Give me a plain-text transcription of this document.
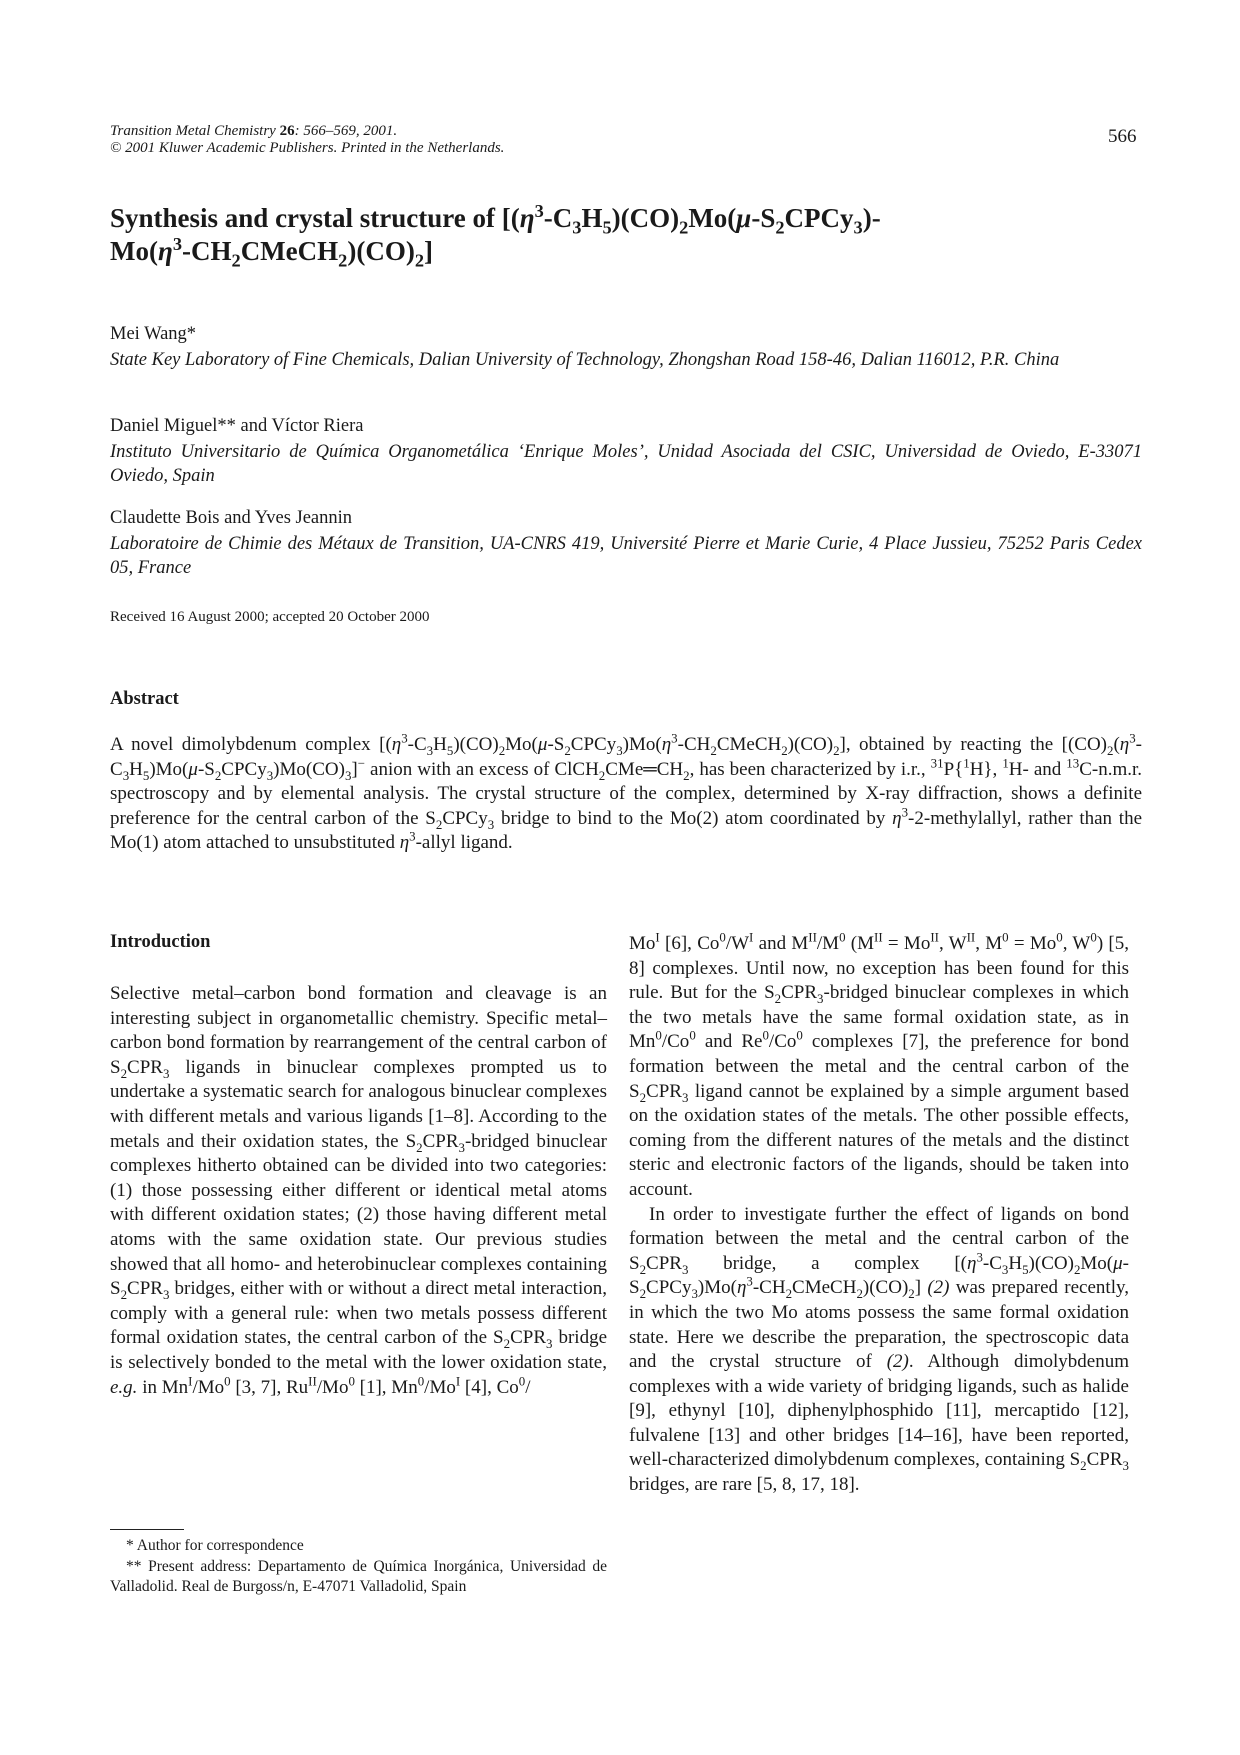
Transition Metal Chemistry 26: 566–569, 2001.
© 2001 Kluwer Academic Publishers. Printed in the Netherlands.
566
Synthesis and crystal structure of [$(\eta^3-C_3H_5)(CO)_2Mo(\mu-S_2CPCy_3)-$
$Mo(\eta^3-CH_2CMeCH_2)(CO)_2$]
Mei Wang*
State Key Laboratory of Fine Chemicals, Dalian University of Technology, Zhongshan Road 158-46, Dalian 116012, P.R. China
Daniel Miguel** and Víctor Riera
Instituto Universitario de Química Organometálica ‘Enrique Moles’, Unidad Asociada del CSIC, Universidad de Oviedo, E-33071 Oviedo, Spain
Claudette Bois and Yves Jeannin
Laboratoire de Chimie des Métaux de Transition, UA-CNRS 419, Université Pierre et Marie Curie, 4 Place Jussieu, 75252 Paris Cedex 05, France
Received 16 August 2000; accepted 20 October 2000
Abstract

A novel dimolybdenum complex $[(\eta^3-C_3H_5)(CO)_2Mo(\mu-S_2CPCy_3)Mo(\eta^3-CH_2CMeCH_2)(CO)_2]$, obtained by reacting the $[(CO)_2(\eta^3-C_3H_5)Mo(\mu-S_2CPCy_3)Mo(CO)_3]^-$ anion with an excess of $ClCH_2CMe═CH_2$, has been characterized by i.r., $^{31}$P{$^1$H}, $^1$H- and $^{13}$C-n.m.r. spectroscopy and by elemental analysis. The crystal structure of the complex, determined by X-ray diffraction, shows a definite preference for the central carbon of the $S_2CPCy_3$ bridge to bind to the Mo(2) atom coordinated by $\eta^3-2$-methylallyl, rather than the Mo(1) atom attached to unsubstituted $\eta^3$-allyl ligand.

Introduction

Selective metal–carbon bond formation and cleavage is an interesting subject in organometallic chemistry. Specific metal–carbon bond formation by rearrangement of the central carbon of $S_2CPR_3$ ligands in binuclear complexes prompted us to undertake a systematic search for analogous binuclear complexes with different metals and various ligands [1–8]. According to the metals and their oxidation states, the $S_2CPR_3$-bridged binuclear complexes hitherto obtained can be divided into two categories: (1) those possessing either different or identical metal atoms with different oxidation states; (2) those having different metal atoms with the same oxidation state. Our previous studies showed that all homo- and heterobinuclear complexes containing $S_2CPR_3$ bridges, either with or without a direct metal interaction, comply with a general rule: when two metals possess different formal oxidation states, the central carbon of the $S_2CPR_3$ bridge is selectively bonded to the metal with the lower oxidation state, e.g. in $Mn^I/Mo^0$ [3, 7], $Ru^{II}/Mo^0$ [1], $Mn^0/Mo^I$ [4], Co$^0$/

* Author for correspondence
** Present address: Departamento de Química Inorgánica, Universidad de Valladolid. Real de Burgoss/n, E-47071 Valladolid, Spain

$Mo^I$ [6], $Co^0/W^I$ and $M^{II}/M^0$ ($M^{II} = Mo^{II}$, $W^{II}$, $M^0 = Mo^0$, $W^0$) [5, 8] complexes. Until now, no exception has been found for this rule. But for the $S_2CPR_3$-bridged binuclear complexes in which the two metals have the same formal oxidation state, as in Mn$^0$/Co$^0$ and Re$^0$/Co$^0$ complexes [7], the preference for bond formation between the metal and the central carbon of the $S_2CPR_3$ ligand cannot be explained by a simple argument based on the oxidation states of the metals. The other possible effects, coming from the different natures of the metals and the distinct steric and electronic factors of the ligands, should be taken into account.

In order to investigate further the effect of ligands on bond formation between the metal and the central carbon of the $S_2CPR_3$ bridge, a complex $[(\eta^3-C_3H_5)(CO)_2Mo(\mu-S_2CPCy_3)Mo(\eta^3-CH_2CMeCH_2)(CO)_2]$ (2) was prepared recently, in which the two Mo atoms possess the same formal oxidation state. Here we describe the preparation, the spectroscopic data and the crystal structure of (2). Although dimolybdenum complexes with a wide variety of bridging ligands, such as halide [9], ethynyl [10], diphenylphosphido [11], mercaptido [12], fulvalene [13] and other bridges [14–16], have been reported, well-characterized dimolybdenum complexes, containing $S_2CPR_3$ bridges, are rare [5, 8, 17, 18].
